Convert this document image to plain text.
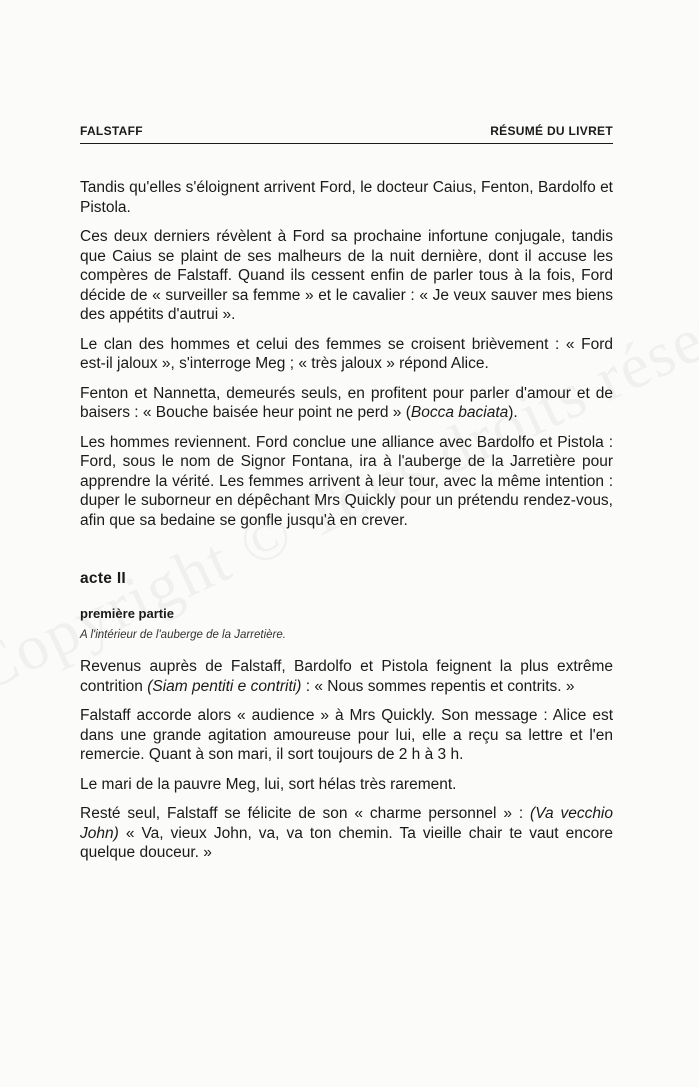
FALSTAFF	RÉSUMÉ DU LIVRET

Tandis qu'elles s'éloignent arrivent Ford, le docteur Caius, Fenton, Bardolfo et Pistola.

Ces deux derniers révèlent à Ford sa prochaine infortune conjugale, tandis que Caius se plaint de ses malheurs de la nuit dernière, dont il accuse les compères de Falstaff. Quand ils cessent enfin de parler tous à la fois, Ford décide de « surveiller sa femme » et le cavalier : « Je veux sauver mes biens des appétits d'autrui ».

Le clan des hommes et celui des femmes se croisent brièvement : « Ford est-il jaloux », s'interroge Meg ; « très jaloux » répond Alice.

Fenton et Nannetta, demeurés seuls, en profitent pour parler d'amour et de baisers : « Bouche baisée heur point ne perd » (Bocca baciata).

Les hommes reviennent. Ford conclue une alliance avec Bardolfo et Pistola : Ford, sous le nom de Signor Fontana, ira à l'auberge de la Jarretière pour apprendre la vérité. Les femmes arrivent à leur tour, avec la même intention : duper le suborneur en dépêchant Mrs Quickly pour un prétendu rendez-vous, afin que sa bedaine se gonfle jusqu'à en crever.

acte II
première partie
A l'intérieur de l'auberge de la Jarretière.

Revenus auprès de Falstaff, Bardolfo et Pistola feignent la plus extrême contrition (Siam pentiti e contriti) : « Nous sommes repentis et contrits. »

Falstaff accorde alors « audience » à Mrs Quickly. Son message : Alice est dans une grande agitation amoureuse pour lui, elle a reçu sa lettre et l'en remercie. Quant à son mari, il sort toujours de 2 h à 3 h.

Le mari de la pauvre Meg, lui, sort hélas très rarement.

Resté seul, Falstaff se félicite de son « charme personnel » : (Va vecchio John) « Va, vieux John, va, va ton chemin. Ta vieille chair te vaut encore quelque douceur. »
